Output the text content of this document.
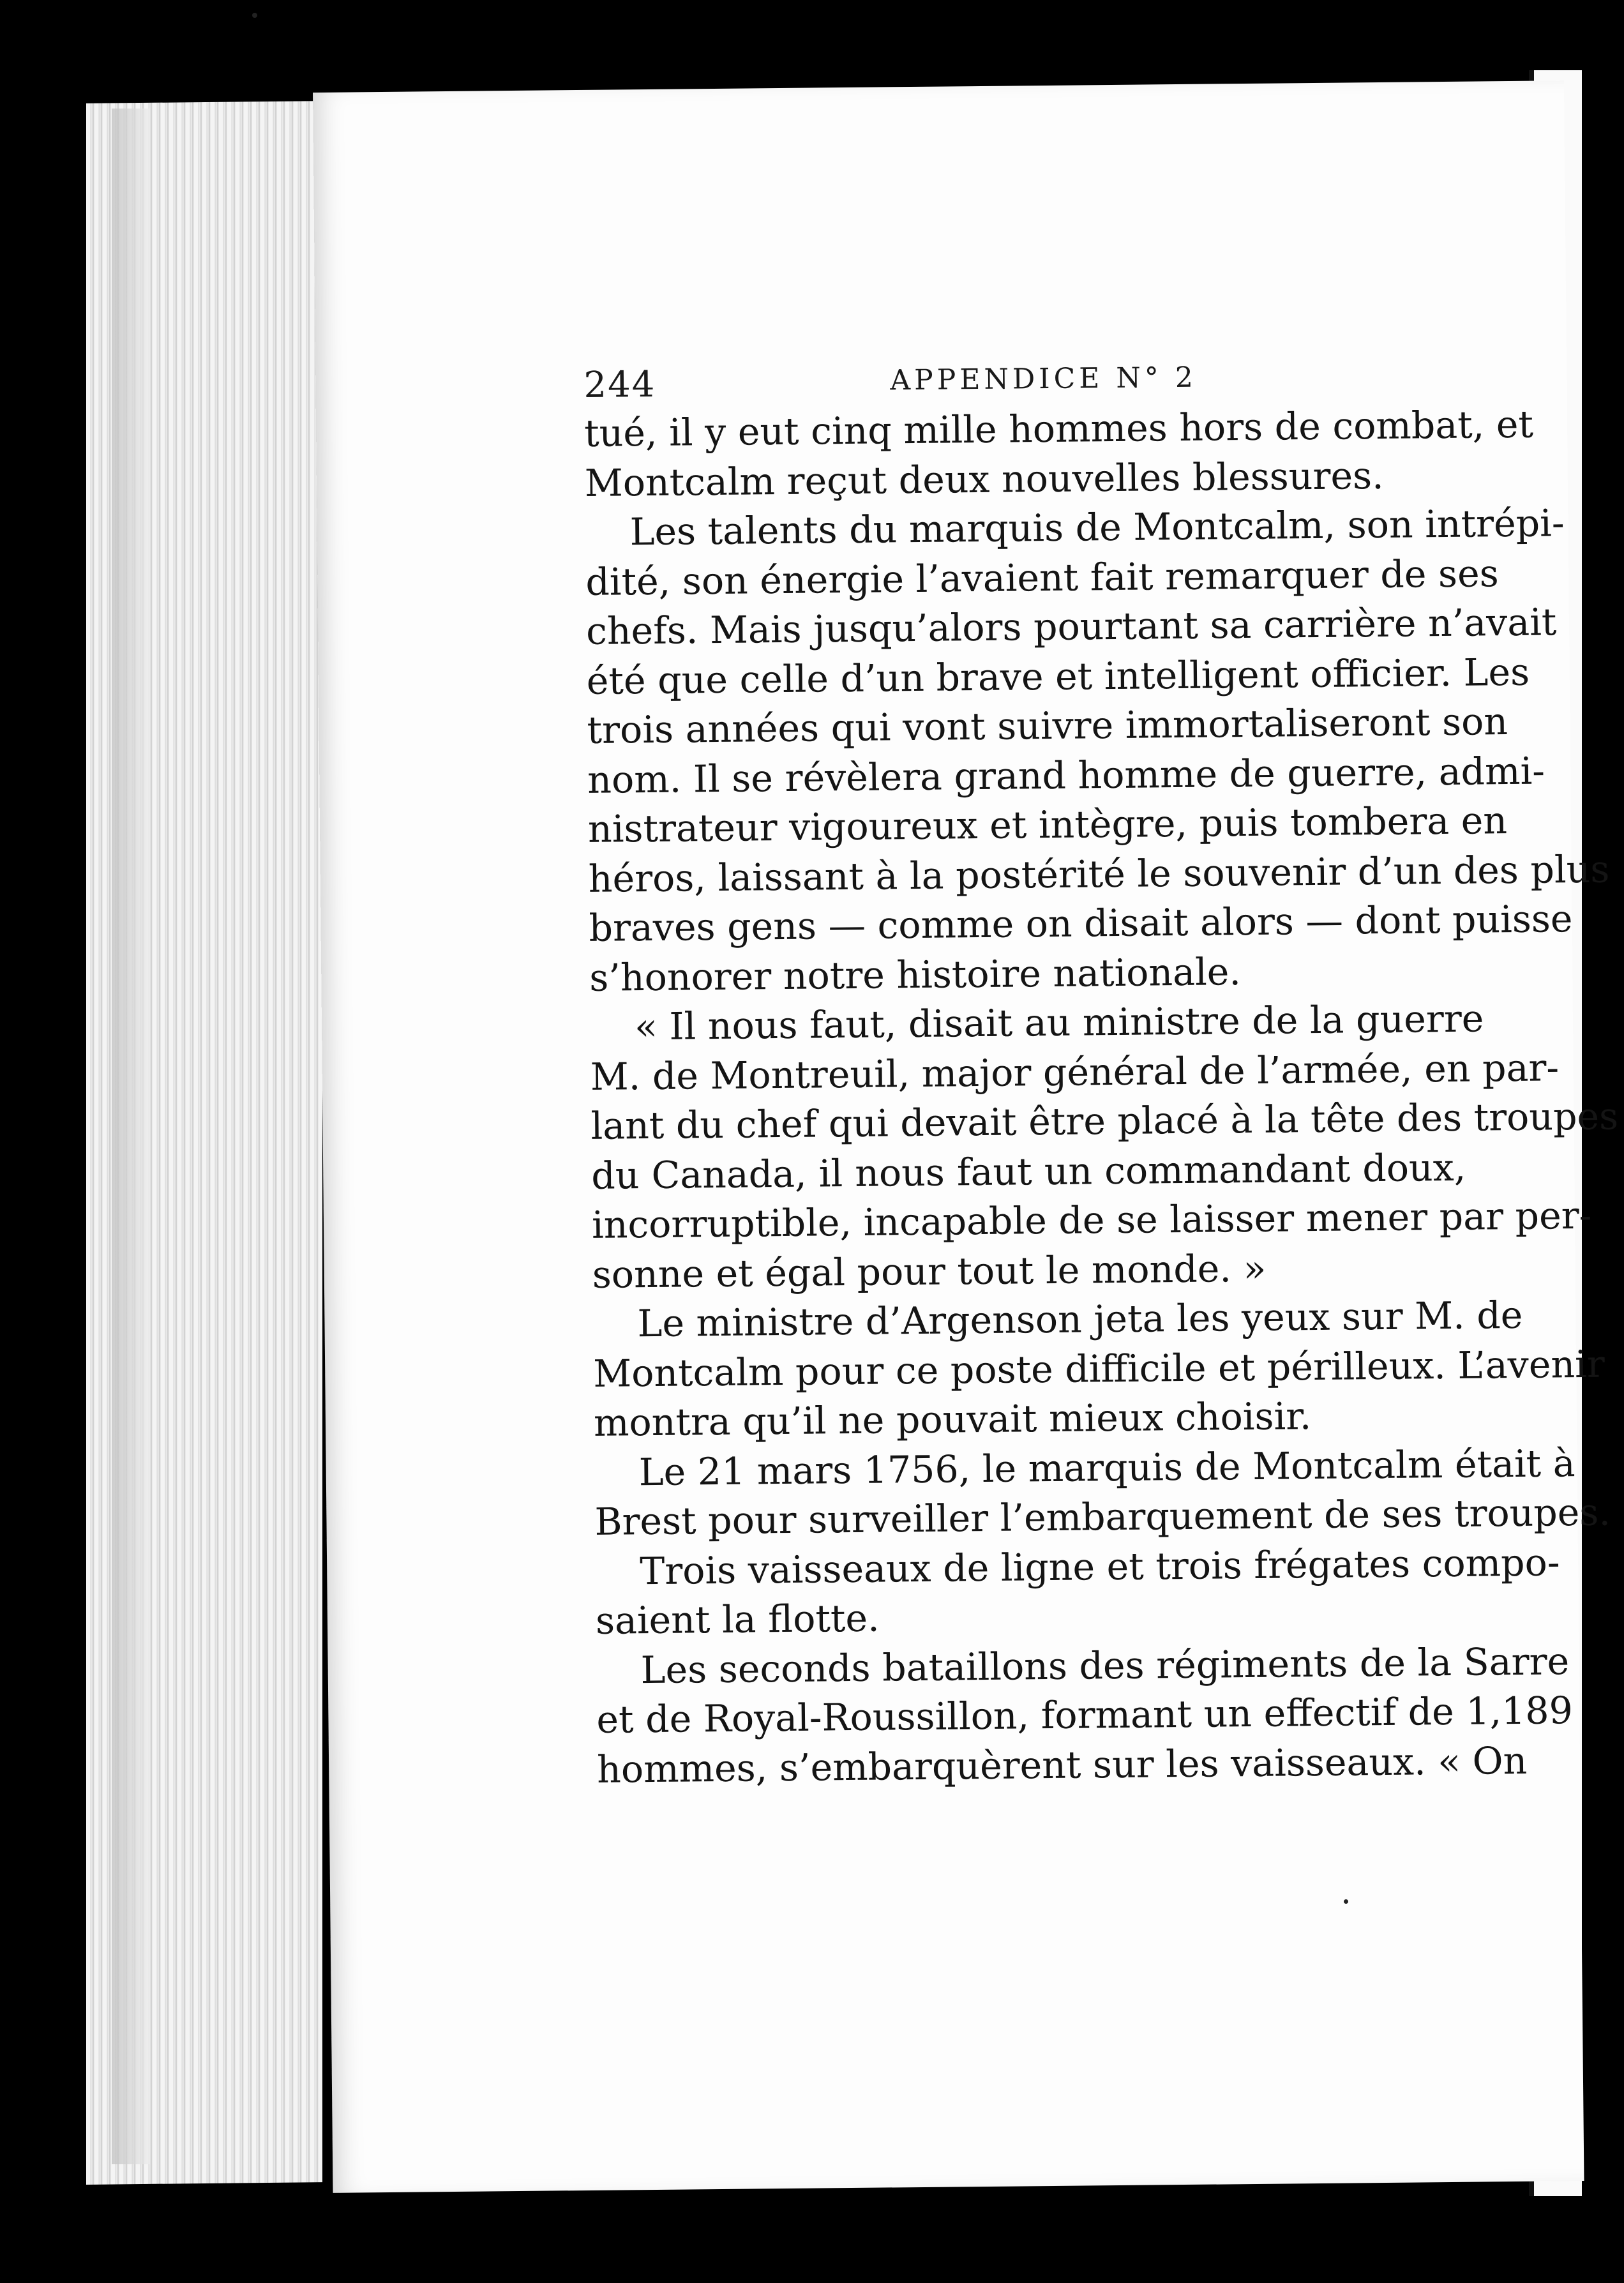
244	APPENDICE N° 2
tué, il y eut cinq mille hommes hors de combat, et
Montcalm reçut deux nouvelles blessures.
Les talents du marquis de Montcalm, son intrépi-
dité, son énergie l’avaient fait remarquer de ses
chefs. Mais jusqu’alors pourtant sa carrière n’avait
été que celle d’un brave et intelligent officier. Les
trois années qui vont suivre immortaliseront son
nom. Il se révèlera grand homme de guerre, admi-
nistrateur vigoureux et intègre, puis tombera en
héros, laissant à la postérité le souvenir d’un des plus
braves gens — comme on disait alors — dont puisse
s’honorer notre histoire nationale.
« Il nous faut, disait au ministre de la guerre
M. de Montreuil, major général de l’armée, en par-
lant du chef qui devait être placé à la tête des troupes
du Canada, il nous faut un commandant doux,
incorruptible, incapable de se laisser mener par per-
sonne et égal pour tout le monde. »
Le ministre d’Argenson jeta les yeux sur M. de
Montcalm pour ce poste difficile et périlleux. L’avenir
montra qu’il ne pouvait mieux choisir.
Le 21 mars 1756, le marquis de Montcalm était à
Brest pour surveiller l’embarquement de ses troupes.
Trois vaisseaux de ligne et trois frégates compo-
saient la flotte.
Les seconds bataillons des régiments de la Sarre
et de Royal-Roussillon, formant un effectif de 1,189
hommes, s’embarquèrent sur les vaisseaux. « On
